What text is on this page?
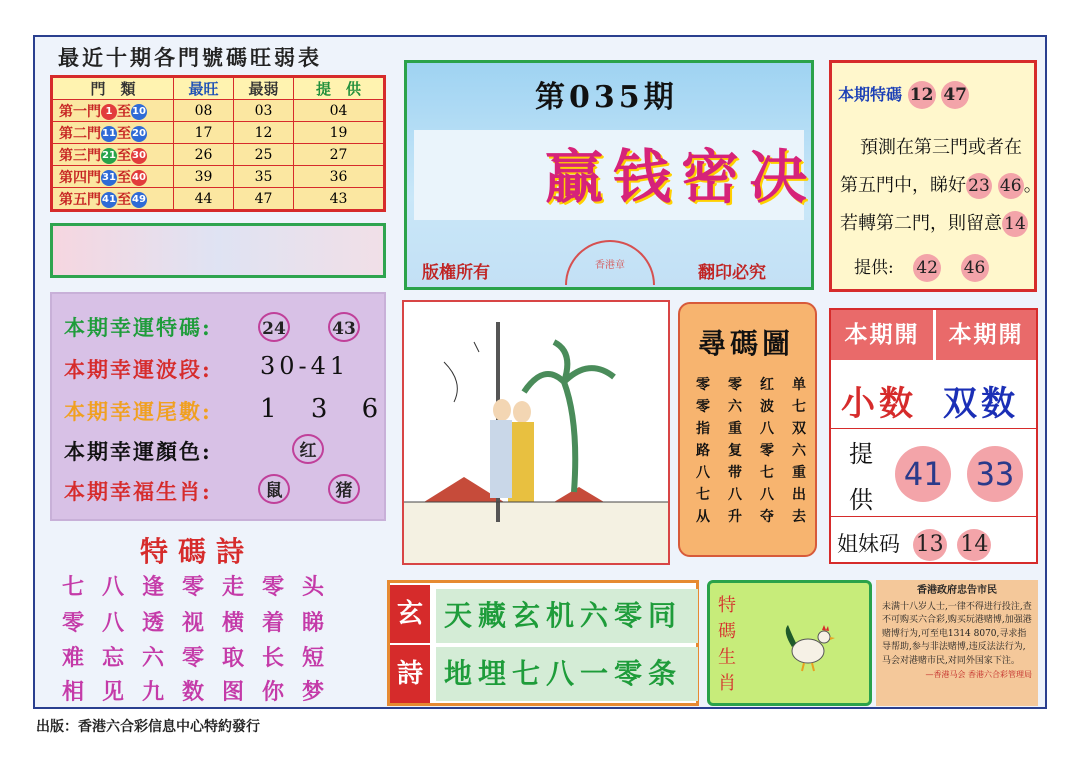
最近十期各門號碼旺弱表
門　類	最旺	最弱	提　供
第一門 1 至10	08	03	04
第二門11至20	17	12	19
第三門21至30	26	25	27
第四門31至40	39	35	36
第五門41至49	44	47	43
第035期
贏钱密决
版権所有	翻印必究
香港章
本期特碼 12 47
預測在第三門或者在
第五門中，睇好 23 46 。
若轉第二門，則留意 14
提供: 42 46
本期幸運特碼:	24	43
本期幸運波段: 30-41
本期幸運尾數: 1 3 6
本期幸運顏色:	红
本期幸福生肖:	鼠	猪
尋碼圖
零	零	红	单
零	六	波	七
指	重	八	双
路	复	零	六
八	带	七	重
七	八	八	出
从	升	夺	去
本期開	本期開
小数 双数
提
供
41 33
姐妹码 13 14
特碼詩
七八逢零走零头
零八透视横着睇
难忘六零取长短
相见九数图你梦
玄
詩
天藏玄机六零同
地埋七八一零条
特
碼
生
肖
香港政府忠告市民
未满十八岁人士,一律不得进行投注,查不可购买六合彩,购买玩港赌博,加强港赌博行为,可至电1314 8070,寻求指导帮助,参与非法赌博,违反法法行为,马会对港赌市民,对同外国家下注。
—香港马会 香港六合彩管理局
出版：香港六合彩信息中心特約發行
